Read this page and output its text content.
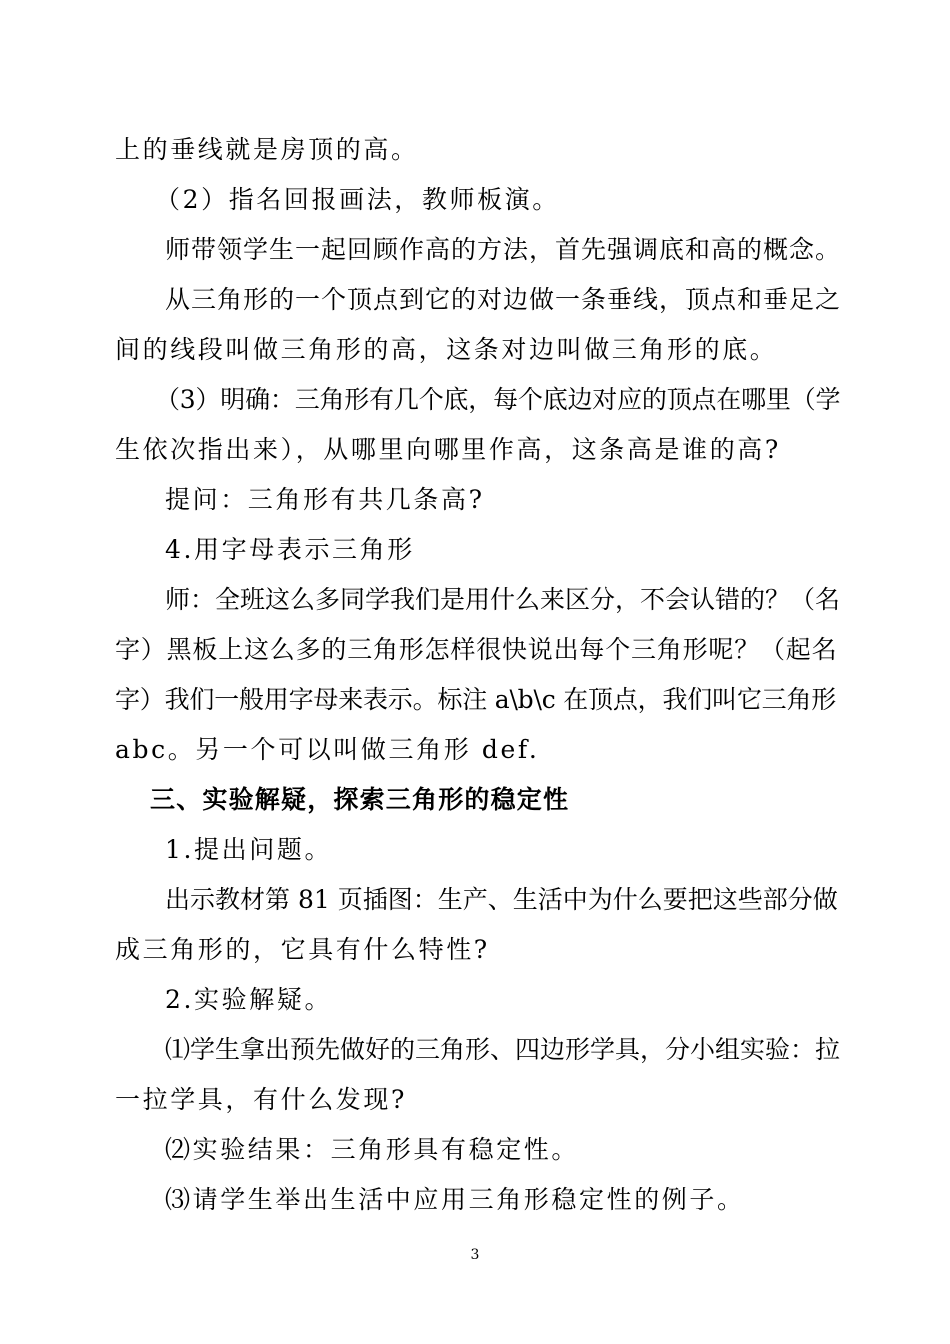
上的垂线就是房顶的高。
（2）指名回报画法，教师板演。
师带领学生一起回顾作高的方法，首先强调底和高的概念。
从三角形的一个顶点到它的对边做一条垂线，顶点和垂足之
间的线段叫做三角形的高，这条对边叫做三角形的底。
（3）明确：三角形有几个底，每个底边对应的顶点在哪里（学
生依次指出来），从哪里向哪里作高，这条高是谁的高?
提问：三角形有共几条高?
4.用字母表示三角形
师：全班这么多同学我们是用什么来区分，不会认错的？（名
字）黑板上这么多的三角形怎样很快说出每个三角形呢？（起名
字）我们一般用字母来表示。标注 a\b\c 在顶点，我们叫它三角形
abc。另一个可以叫做三角形 def.
三、实验解疑，探索三角形的稳定性
1.提出问题。
出示教材第 81 页插图：生产、生活中为什么要把这些部分做
成三角形的，它具有什么特性?
2.实验解疑。
⑴学生拿出预先做好的三角形、四边形学具，分小组实验：拉
一拉学具，有什么发现?
⑵实验结果：三角形具有稳定性。
⑶请学生举出生活中应用三角形稳定性的例子。
3
